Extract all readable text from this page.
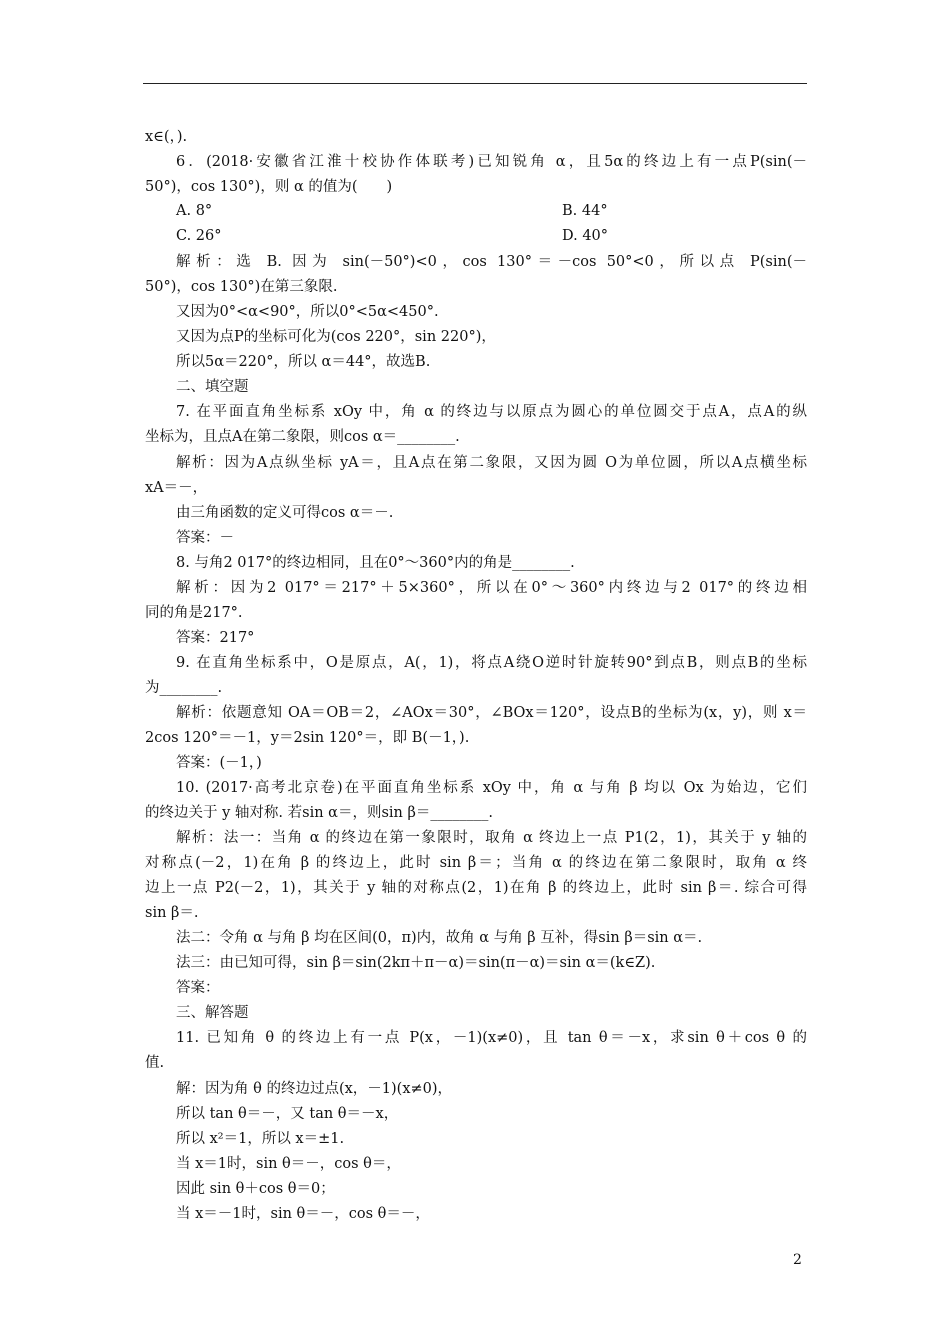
x∈(，).
6．(2018·安徽省江淮十校协作体联考)已知锐角 α，且5α的终边上有一点P(sin(－
50°)，cos 130°)，则 α 的值为(　　)
解析：选 B. 因为 sin(－50°)<0，cos 130°＝－cos 50°<0，所以点 P(sin(－
50°)，cos 130°)在第三象限.
又因为0°<α<90°，所以0°<5α<450°.
又因为点P的坐标可化为(cos 220°，sin 220°)，
所以5α＝220°，所以 α＝44°，故选B.
二、填空题
7. 在平面直角坐标系 xOy 中，角 α 的终边与以原点为圆心的单位圆交于点A，点A的纵
坐标为，且点A在第二象限，则cos α＝________.
解析：因为A点纵坐标 yA＝，且A点在第二象限，又因为圆 O为单位圆，所以A点横坐标
xA＝－，
由三角函数的定义可得cos α＝－.
答案：－
8. 与角2 017°的终边相同，且在0°～360°内的角是________.
解析：因为2 017°＝217°＋5×360°，所以在0°～360°内终边与2 017°的终边相
同的角是217°.
答案：217°
9. 在直角坐标系中，O是原点，A(，1)，将点A绕O逆时针旋转90°到点B，则点B的坐标
为________.
解析：依题意知 OA＝OB＝2，∠AOx＝30°，∠BOx＝120°，设点B的坐标为(x，y)，则 x＝
2cos 120°＝－1，y＝2sin 120°＝，即 B(－1，).
答案：(－1，)
10. (2017·高考北京卷)在平面直角坐标系 xOy 中，角 α 与角 β 均以 Ox 为始边，它们
的终边关于 y 轴对称. 若sin α＝，则sin β＝________.
解析：法一：当角 α 的终边在第一象限时，取角 α 终边上一点 P1(2，1)，其关于 y 轴的
对称点(－2，1)在角 β 的终边上，此时 sin β＝；当角 α 的终边在第二象限时，取角 α 终
边上一点 P2(－2，1)，其关于 y 轴的对称点(2，1)在角 β 的终边上，此时 sin β＝. 综合可得
sin β＝.
法二：令角 α 与角 β 均在区间(0，π)内，故角 α 与角 β 互补，得sin β＝sin α＝.
法三：由已知可得，sin β＝sin(2kπ＋π－α)＝sin(π－α)＝sin α＝(k∈Z).
答案：
三、解答题
11. 已知角 θ 的终边上有一点 P(x，－1)(x≠0)，且 tan θ＝－x，求sin θ＋cos θ 的
值.
解：因为角 θ 的终边过点(x，－1)(x≠0)，
所以 tan θ＝－，又 tan θ＝－x，
所以 x²＝1，所以 x＝±1.
当 x＝1时，sin θ＝－，cos θ＝，
因此 sin θ＋cos θ＝0；
当 x＝－1时，sin θ＝－，cos θ＝－，
A. 8°	B. 44°
C. 26°	D. 40°
2
